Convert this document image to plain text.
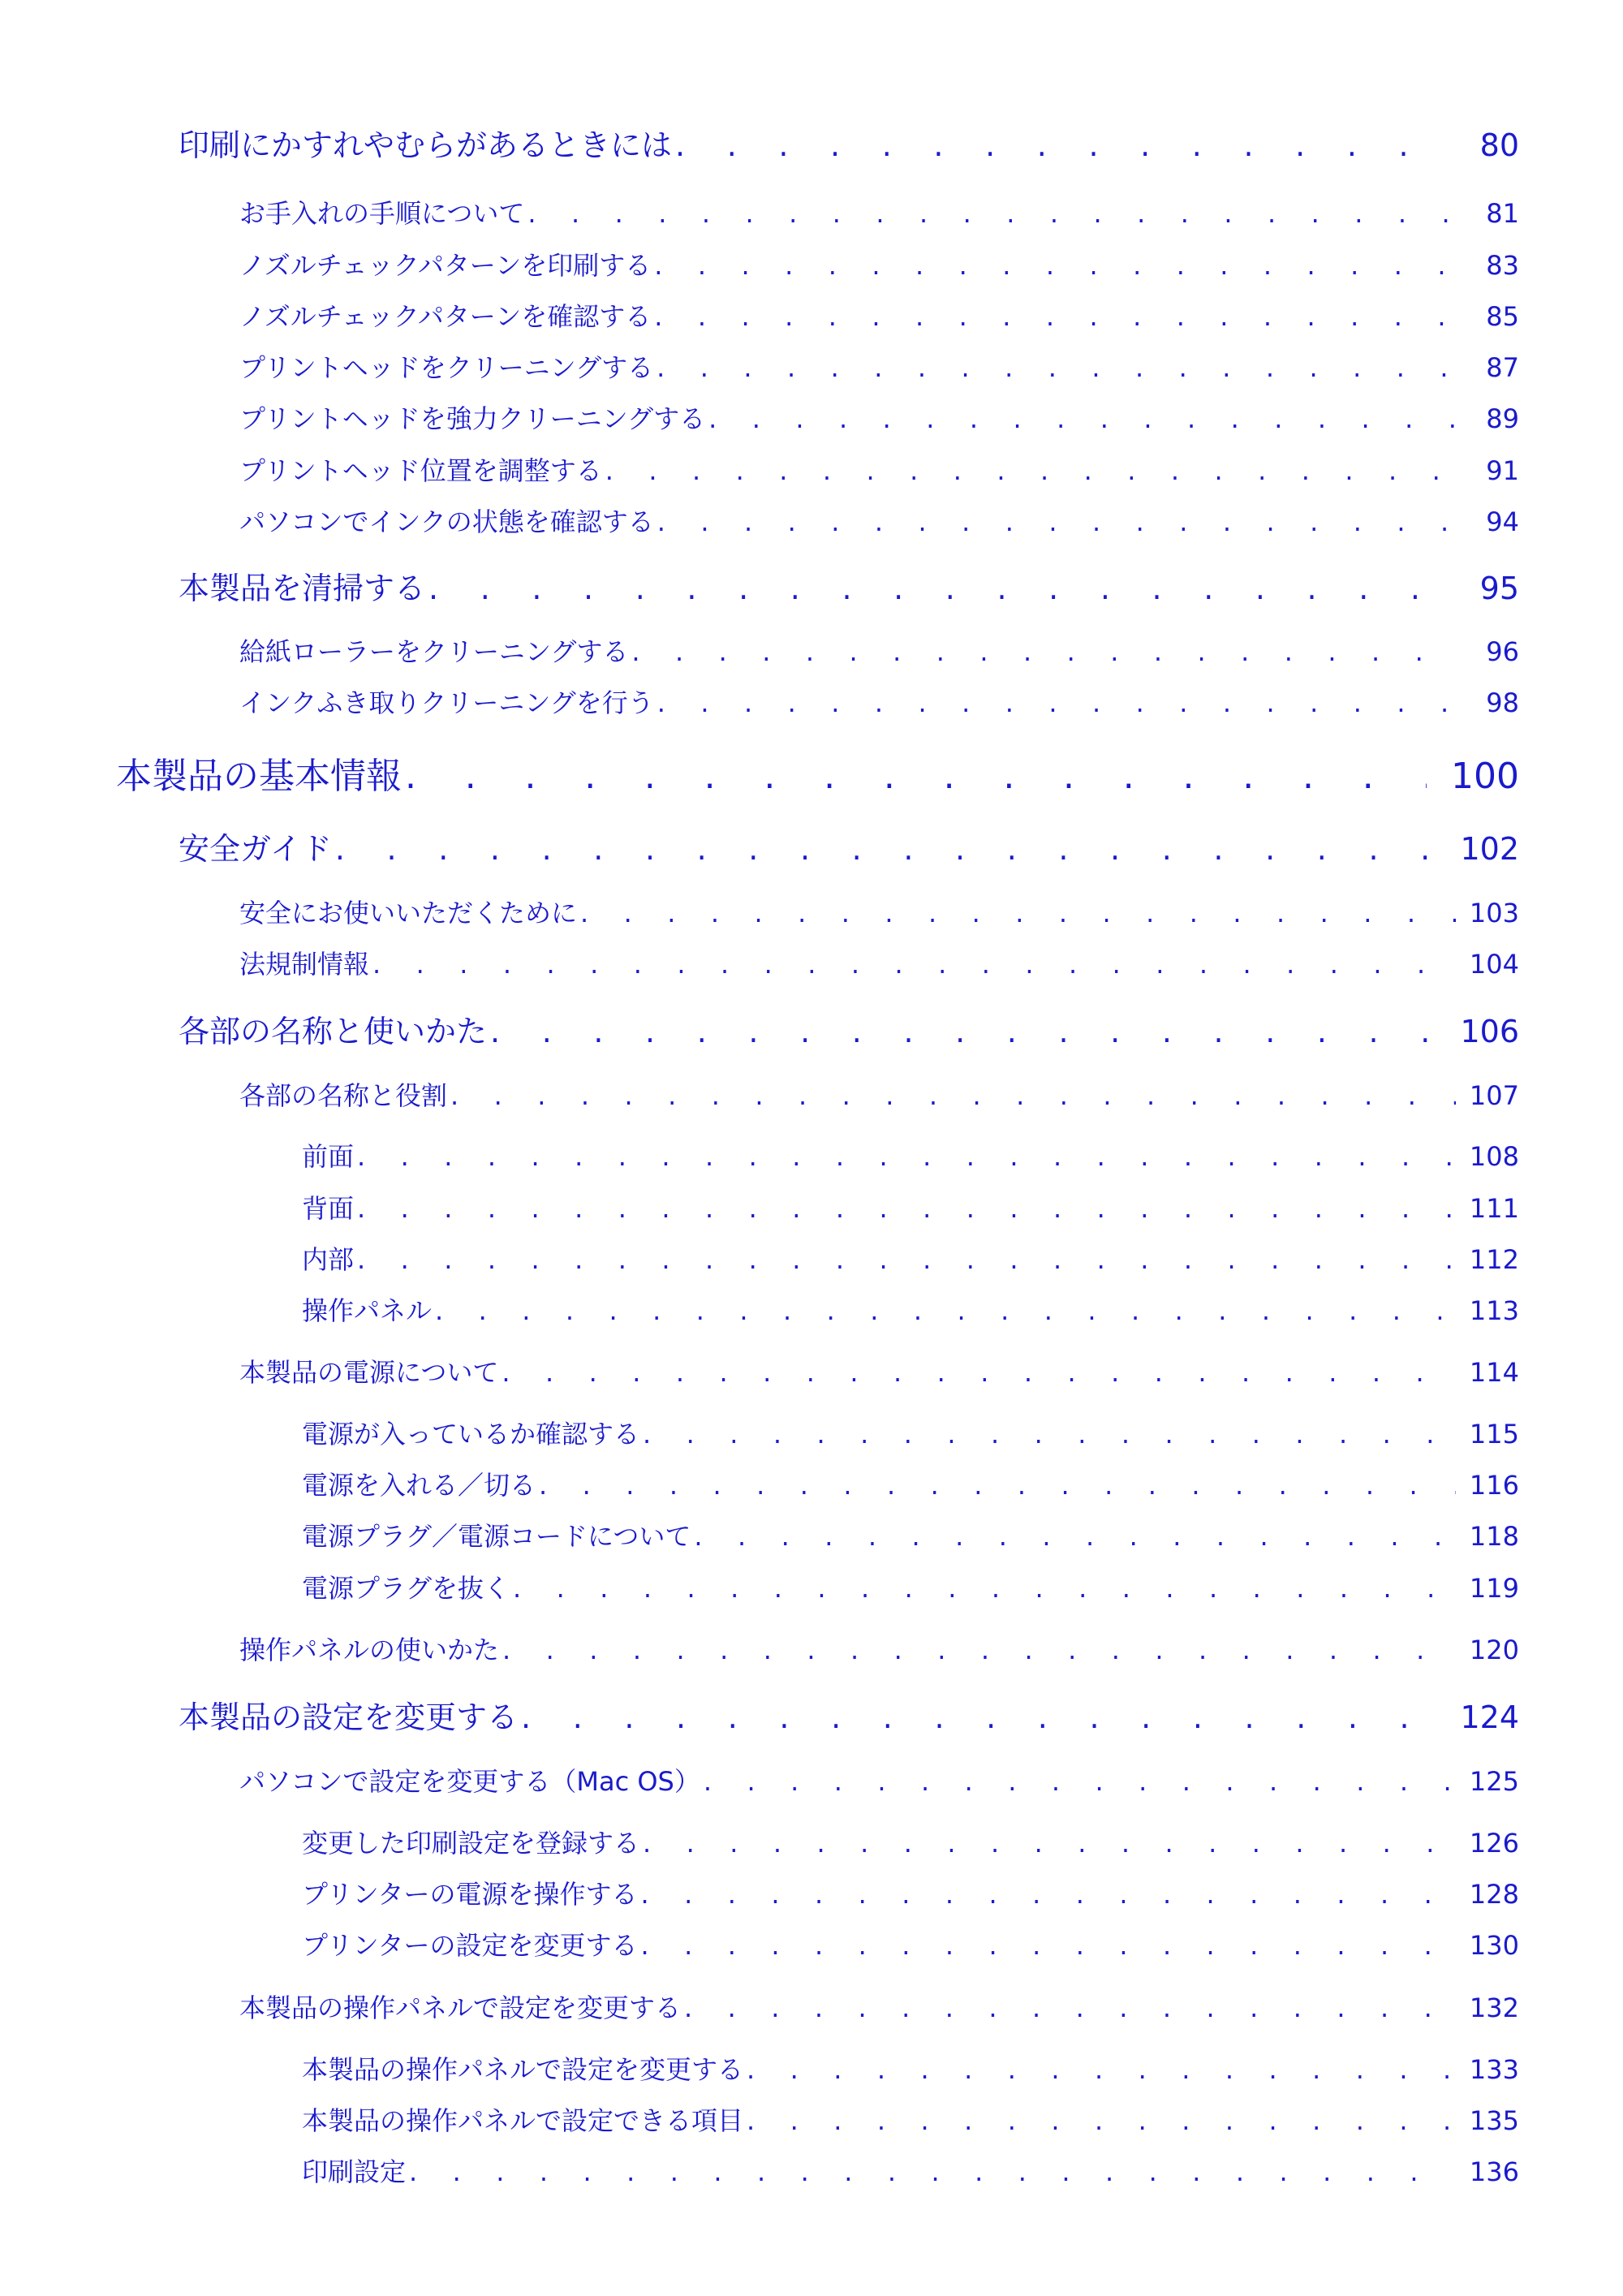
印刷にかすれやむらがあるときには . . .	80
お手入れの手順について . . .	81
ノズルチェックパターンを印刷する . . .	83
ノズルチェックパターンを確認する . . .	85
プリントヘッドをクリーニングする . . .	87
プリントヘッドを強力クリーニングする . . .	89
プリントヘッド位置を調整する . . .	91
パソコンでインクの状態を確認する . . .	94
本製品を清掃する . . .	95
給紙ローラーをクリーニングする . . .	96
インクふき取りクリーニングを行う . . .	98
本製品の基本情報 . . .	100
安全ガイド . . .	102
安全にお使いいただくために . . .	103
法規制情報 . . .	104
各部の名称と使いかた . . .	106
各部の名称と役割 . . .	107
前面 . . .	108
背面 . . .	111
内部 . . .	112
操作パネル . . .	113
本製品の電源について . . .	114
電源が入っているか確認する . . .	115
電源を入れる／切る . . .	116
電源プラグ／電源コードについて . . .	118
電源プラグを抜く . . .	119
操作パネルの使いかた . . .	120
本製品の設定を変更する . . .	124
パソコンで設定を変更する（Mac OS） . . .	125
変更した印刷設定を登録する . . .	126
プリンターの電源を操作する . . .	128
プリンターの設定を変更する . . .	130
本製品の操作パネルで設定を変更する . . .	132
本製品の操作パネルで設定を変更する . . .	133
本製品の操作パネルで設定できる項目 . . .	135
印刷設定 . . .	136
